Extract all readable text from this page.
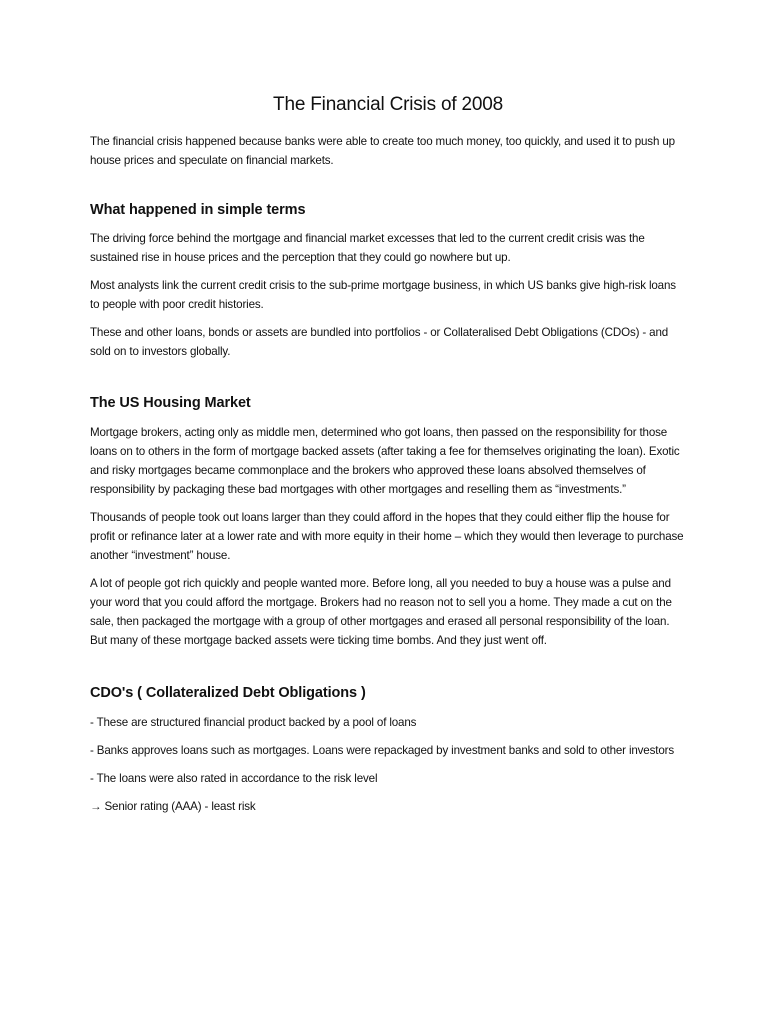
The Financial Crisis of 2008

The financial crisis happened because banks were able to create too much money, too quickly, and used it to push up house prices and speculate on financial markets.

What happened in simple terms

The driving force behind the mortgage and financial market excesses that led to the current credit crisis was the sustained rise in house prices and the perception that they could go nowhere but up.

Most analysts link the current credit crisis to the sub-prime mortgage business, in which US banks give high-risk loans to people with poor credit histories.

These and other loans, bonds or assets are bundled into portfolios - or Collateralised Debt Obligations (CDOs) - and sold on to investors globally.

The US Housing Market

Mortgage brokers, acting only as middle men, determined who got loans, then passed on the responsibility for those loans on to others in the form of mortgage backed assets (after taking a fee for themselves originating the loan). Exotic and risky mortgages became commonplace and the brokers who approved these loans absolved themselves of responsibility by packaging these bad mortgages with other mortgages and reselling them as “investments.”

Thousands of people took out loans larger than they could afford in the hopes that they could either flip the house for profit or refinance later at a lower rate and with more equity in their home – which they would then leverage to purchase another “investment” house.

A lot of people got rich quickly and people wanted more. Before long, all you needed to buy a house was a pulse and your word that you could afford the mortgage. Brokers had no reason not to sell you a home. They made a cut on the sale, then packaged the mortgage with a group of other mortgages and erased all personal responsibility of the loan. But many of these mortgage backed assets were ticking time bombs. And they just went off.

CDO's ( Collateralized Debt Obligations )

- These are structured financial product backed by a pool of loans

- Banks approves loans such as mortgages. Loans were repackaged by investment banks and sold to other investors

- The loans were also rated in accordance to the risk level

→ Senior rating (AAA) - least risk
